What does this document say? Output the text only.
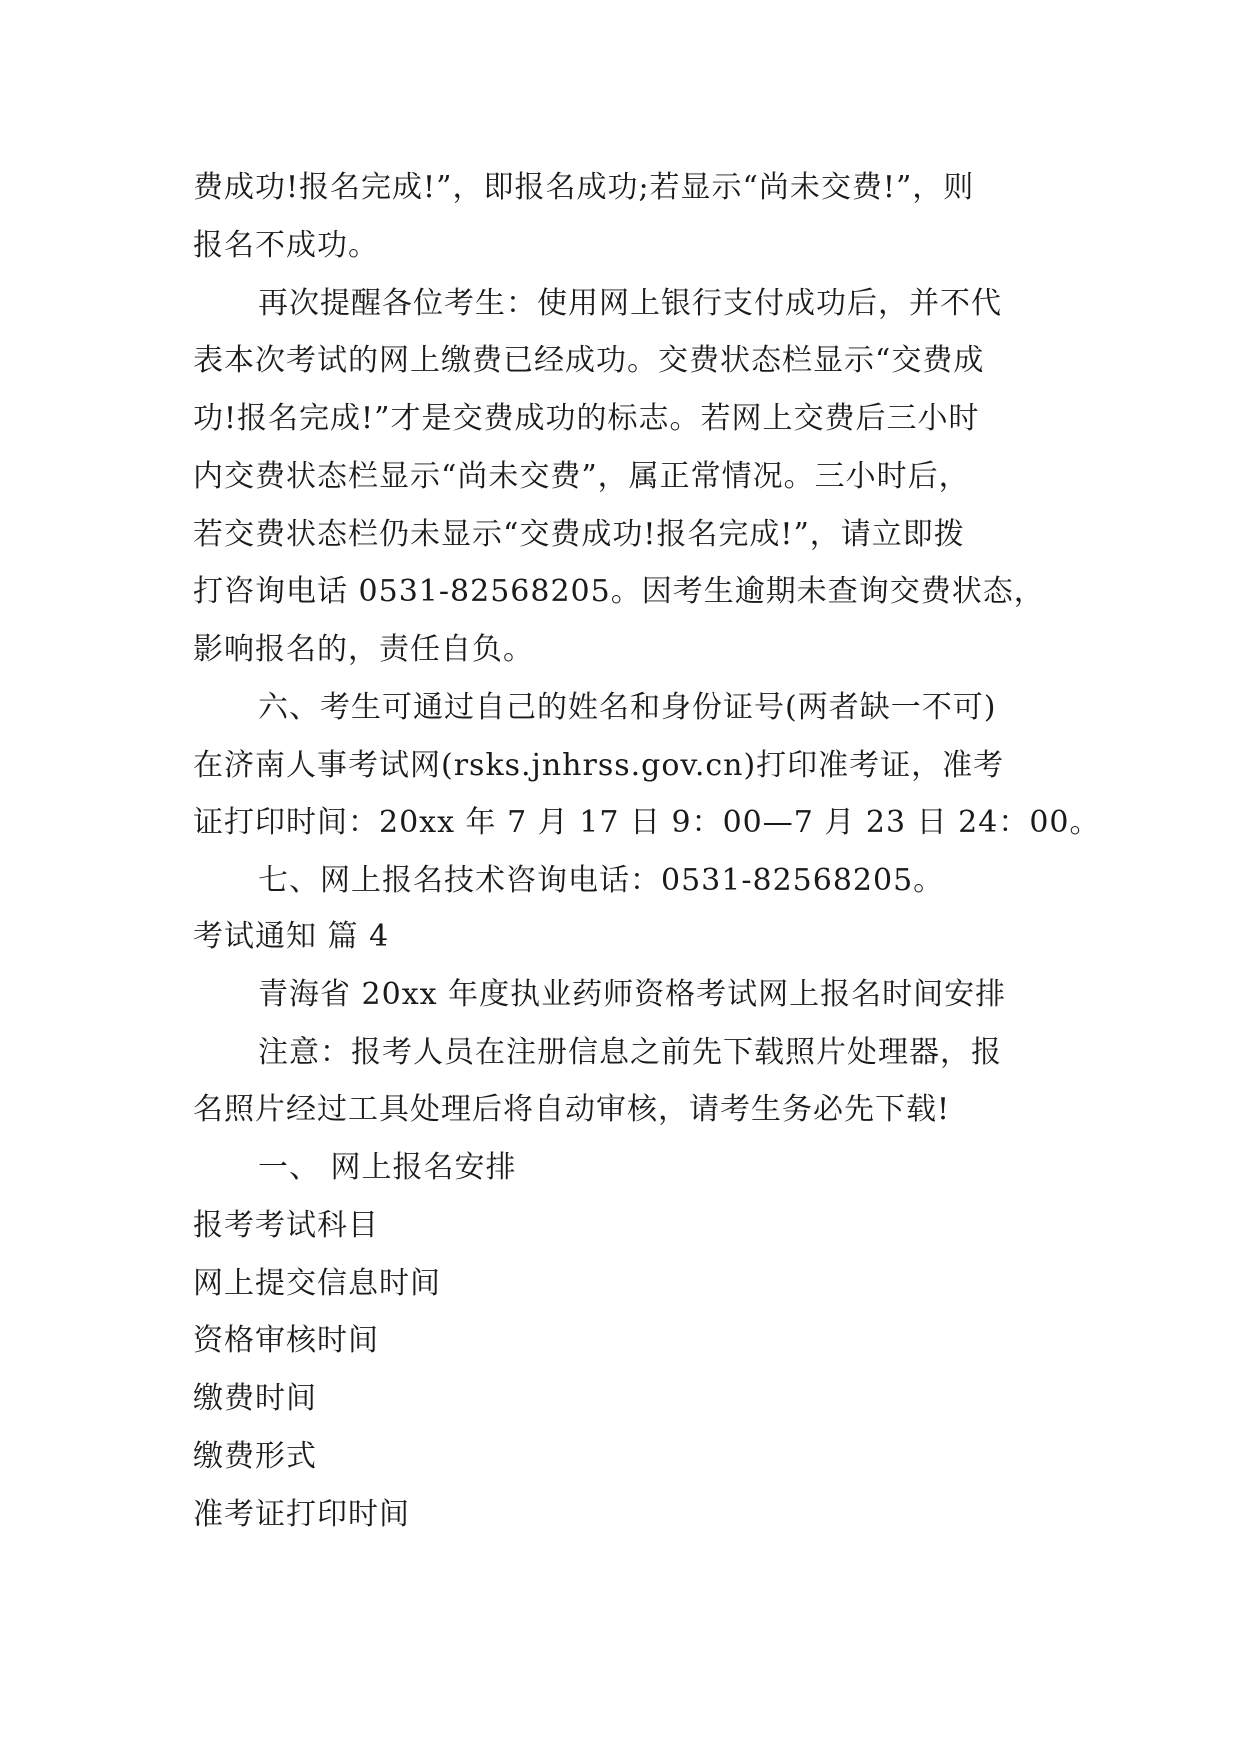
费成功!报名完成!”，即报名成功;若显示“尚未交费!”，则
报名不成功。
再次提醒各位考生：使用网上银行支付成功后，并不代
表本次考试的网上缴费已经成功。交费状态栏显示“交费成
功!报名完成!”才是交费成功的标志。若网上交费后三小时
内交费状态栏显示“尚未交费”，属正常情况。三小时后，
若交费状态栏仍未显示“交费成功!报名完成!”，请立即拨
打咨询电话 0531-82568205。因考生逾期未查询交费状态，
影响报名的，责任自负。
六、考生可通过自己的姓名和身份证号(两者缺一不可)
在济南人事考试网(rsks.jnhrss.gov.cn)打印准考证，准考
证打印时间：20xx 年 7 月 17 日 9：00—7 月 23 日 24：00。
七、网上报名技术咨询电话：0531-82568205。
考试通知 篇 4
青海省 20xx 年度执业药师资格考试网上报名时间安排
注意：报考人员在注册信息之前先下载照片处理器，报
名照片经过工具处理后将自动审核，请考生务必先下载!
一、 网上报名安排
报考考试科目
网上提交信息时间
资格审核时间
缴费时间
缴费形式
准考证打印时间
